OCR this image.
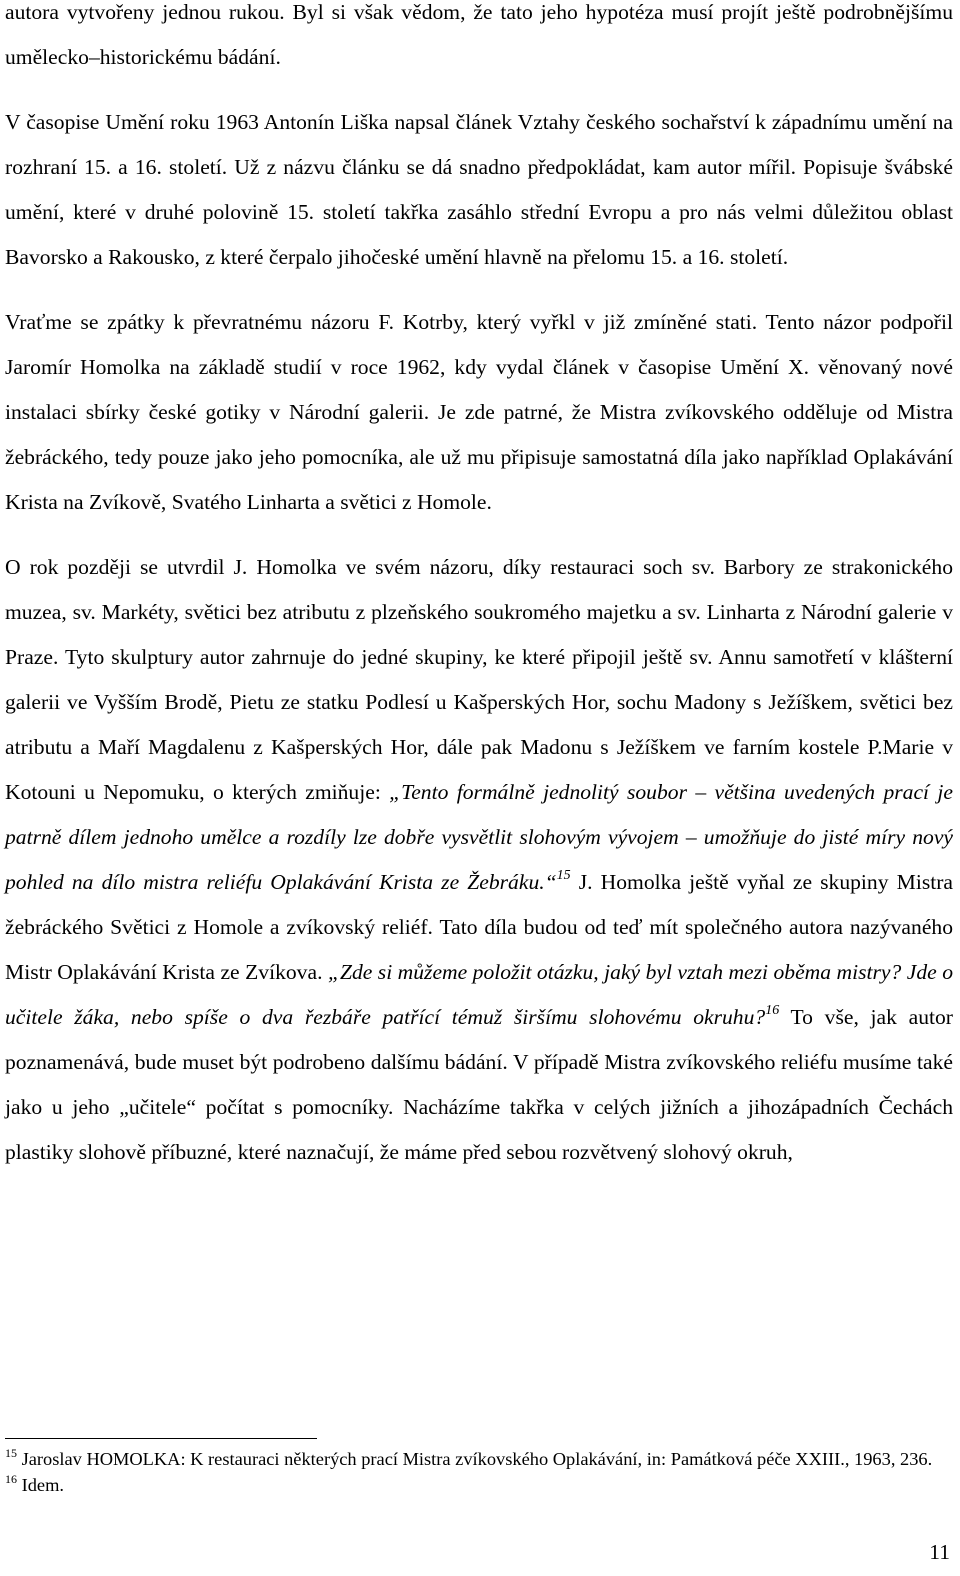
autora vytvořeny jednou rukou. Byl si však vědom, že tato jeho hypotéza musí projít ještě podrobnějšímu umělecko–historickému bádání.

V časopise Umění roku 1963 Antonín Liška napsal článek Vztahy českého sochařství k západnímu umění na rozhraní 15. a 16. století. Už z názvu článku se dá snadno předpokládat, kam autor mířil. Popisuje švábské umění, které v druhé polovině 15. století takřka zasáhlo střední Evropu a pro nás velmi důležitou oblast Bavorsko a Rakousko, z které čerpalo jihočeské umění hlavně na přelomu 15. a 16. století.

Vraťme se zpátky k převratnému názoru F. Kotrby, který vyřkl v již zmíněné stati. Tento názor podpořil Jaromír Homolka na základě studií v roce 1962, kdy vydal článek v časopise Umění X. věnovaný nové instalaci sbírky české gotiky v Národní galerii. Je zde patrné, že Mistra zvíkovského odděluje od Mistra žebráckého, tedy pouze jako jeho pomocníka, ale už mu připisuje samostatná díla jako například Oplakávání Krista na Zvíkově, Svatého Linharta a světici z Homole.

O rok později se utvrdil J. Homolka ve svém názoru, díky restauraci soch sv. Barbory ze strakonického muzea, sv. Markéty, světici bez atributu z plzeňského soukromého majetku a sv. Linharta z Národní galerie v Praze. Tyto skulptury autor zahrnuje do jedné skupiny, ke které připojil ještě sv. Annu samotřetí v klášterní galerii ve Vyšším Brodě, Pietu ze statku Podlesí u Kašperských Hor, sochu Madony s Ježíškem, světici bez atributu a Maří Magdalenu z Kašperských Hor, dále pak Madonu s Ježíškem ve farním kostele P.Marie v Kotouni u Nepomuku, o kterých zmiňuje: „Tento formálně jednolitý soubor – většina uvedených prací je patrně dílem jednoho umělce a rozdíly lze dobře vysvětlit slohovým vývojem – umožňuje do jisté míry nový pohled na dílo mistra reliéfu Oplakávání Krista ze Žebráku.“$^{15}$ J. Homolka ještě vyňal ze skupiny Mistra žebráckého Světici z Homole a zvíkovský reliéf. Tato díla budou od teď mít společného autora nazývaného Mistr Oplakávání Krista ze Zvíkova. „Zde si můžeme položit otázku, jaký byl vztah mezi oběma mistry? Jde o učitele žáka, nebo spíše o dva řezbáře patřící témuž širšímu slohovému okruhu?$^{16}$ To vše, jak autor poznamenává, bude muset být podrobeno dalšímu bádání. V případě Mistra zvíkovského reliéfu musíme také jako u jeho „učitele“ počítat s pomocníky. Nacházíme takřka v celých jižních a jihozápadních Čechách plastiky slohově příbuzné, které naznačují, že máme před sebou rozvětvený slohový okruh,

$^{15}$ Jaroslav HOMOLKA: K restauraci některých prací Mistra zvíkovského Oplakávání, in: Památková péče XXIII., 1963, 236.

$^{16}$ Idem.

11
